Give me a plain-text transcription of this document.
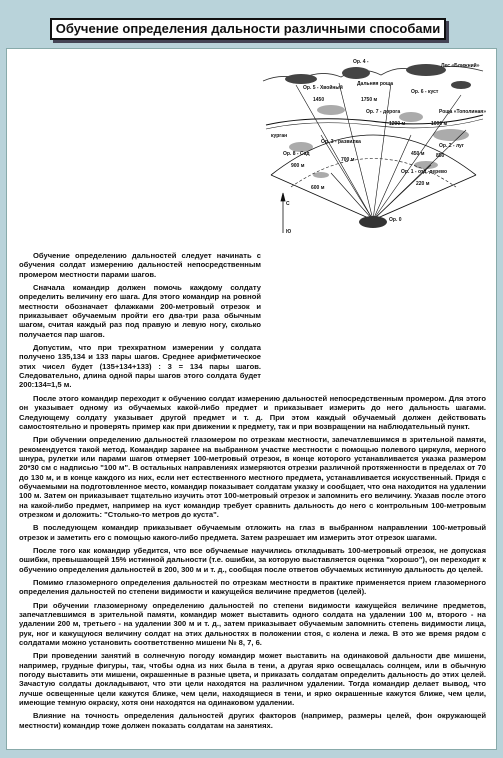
Обучение определения дальности различными способами
Ор. 5 - Хвойный
Ор. 4 -
Дальняя роща
Лес «Ближний»
Ор. 6 - куст
Ор. 7 - дорога	Роща «Тополиная»
курган
Ор. 8 - Сад
Ор. 3 - развилка
Ор. 2 - луг
Ор. 1 - отд. дерево
Ор. 0
1450	1750 м
1200 м	1000 м
700 м
450 м
220 м
900 м
850
600 м
С
Ю

Обучение определению дальностей следует начинать с обучения солдат измерению дальностей непосредственным промером местности парами шагов.

Сначала командир должен помочь каждому солдату определить величину его шага. Для этого командир на ровной местности обозначает флажками 200-метровый отрезок и приказывает обучаемым пройти его два-три раза обычным шагом, считая каждый раз под правую и левую ногу, сколько получается пар шагов.

Допустим, что при трехкратном измерении у солдата получено 135,134 и 133 пары шагов. Среднее арифметическое этих чисел будет (135+134+133) : 3 = 134 пары шагов. Следовательно, длина одной пары шагов этого солдата будет 200:134≈1,5 м.

После этого командир переходит к обучению солдат измерению дальностей непосредственным промером. Для этого он указывает одному из обучаемых какой-либо предмет и приказывает измерить до него дальность шагами. Следующему солдату указывает другой предмет и т. д. При этом каждый обучаемый должен действовать самостоятельно и проверять пример как при движении к предмету, так и при возвращении на наблюдательный пункт.

При обучении определению дальностей глазомером по отрезкам местности, запечатлевшимся в зрительной памяти, рекомендуется такой метод. Командир заранее на выбранном участке местности с помощью полевого циркуля, мерного шнура, рулетки или парами шагов отмеряет 100-метровый отрезок, в конце которого устанавливается указка размером 20*30 см с надписью "100 м". В остальных направлениях измеряются отрезки различной протяженности в пределах от 70 до 130 м, и в конце каждого из них, если нет естественного местного предмета, устанавливается искусственный. Придя с обучаемыми на подготовленное место, командир показывает солдатам указку и сообщает, что она находится на удалении 100 м. Затем он приказывает тщательно изучить этот 100-метровый отрезок и запомнить его величину. Указав после этого на какой-либо предмет, например на куст командир требует сравнить дальность до него с контрольным 100-метровым отрезком и доложить: "Столько-то метров до куста".

В последующем командир приказывает обучаемым отложить на глаз в выбранном направлении 100-метровый отрезок и заметить его с помощью какого-либо предмета. Затем разрешает им измерить этот отрезок шагами.

После того как командир убедится, что все обучаемые научились откладывать 100-метровый отрезок, не допуская ошибки, превышающей 15% истинной дальности (т.е. ошибки, за которую выставляется оценка "хорошо"), он переходит к обучению определения дальностей в 200, 300 м и т. д., сообщая после ответов обучаемых истинную дальность до целей.

Помимо глазомерного определения дальностей по отрезкам местности в практике применяется прием глазомерного определения дальностей по степени видимости и кажущейся величине предметов (целей).

При обучении глазомерному определению дальностей по степени видимости кажущейся величине предметов, запечатлевшимся в зрительной памяти, командир может выставить одного солдата на удалении 100 м, второго - на удалении 200 м, третьего - на удалении 300 м и т. д., затем приказывает обучаемым запомнить степень видимости лица, рук, ног и кажущуюся величину солдат на этих дальностях в положении стоя, с колена и лежа. В это же время рядом с солдатами можно установить соответственно мишени № 8, 7, 6.

При проведении занятий в солнечную погоду командир может выставить на одинаковой дальности две мишени, например, грудные фигуры, так, чтобы одна из них была в тени, а другая ярко освещалась солнцем, или в обычную погоду выставить эти мишени, окрашенные в разные цвета, и приказать солдатам определить дальность до этих целей. Зачастую солдаты докладывают, что эти цели находятся на различном удалении. Тогда командир делает вывод, что лучше освещенные цели кажутся ближе, чем цели, находящиеся в тени, и ярко окрашенные кажутся ближе, чем цели, имеющие темную окраску, хотя они находятся на одинаковом удалении.

Влияние на точность определения дальностей других факторов (например, размеры целей, фон окружающей местности) командир тоже должен показать солдатам на занятиях.
